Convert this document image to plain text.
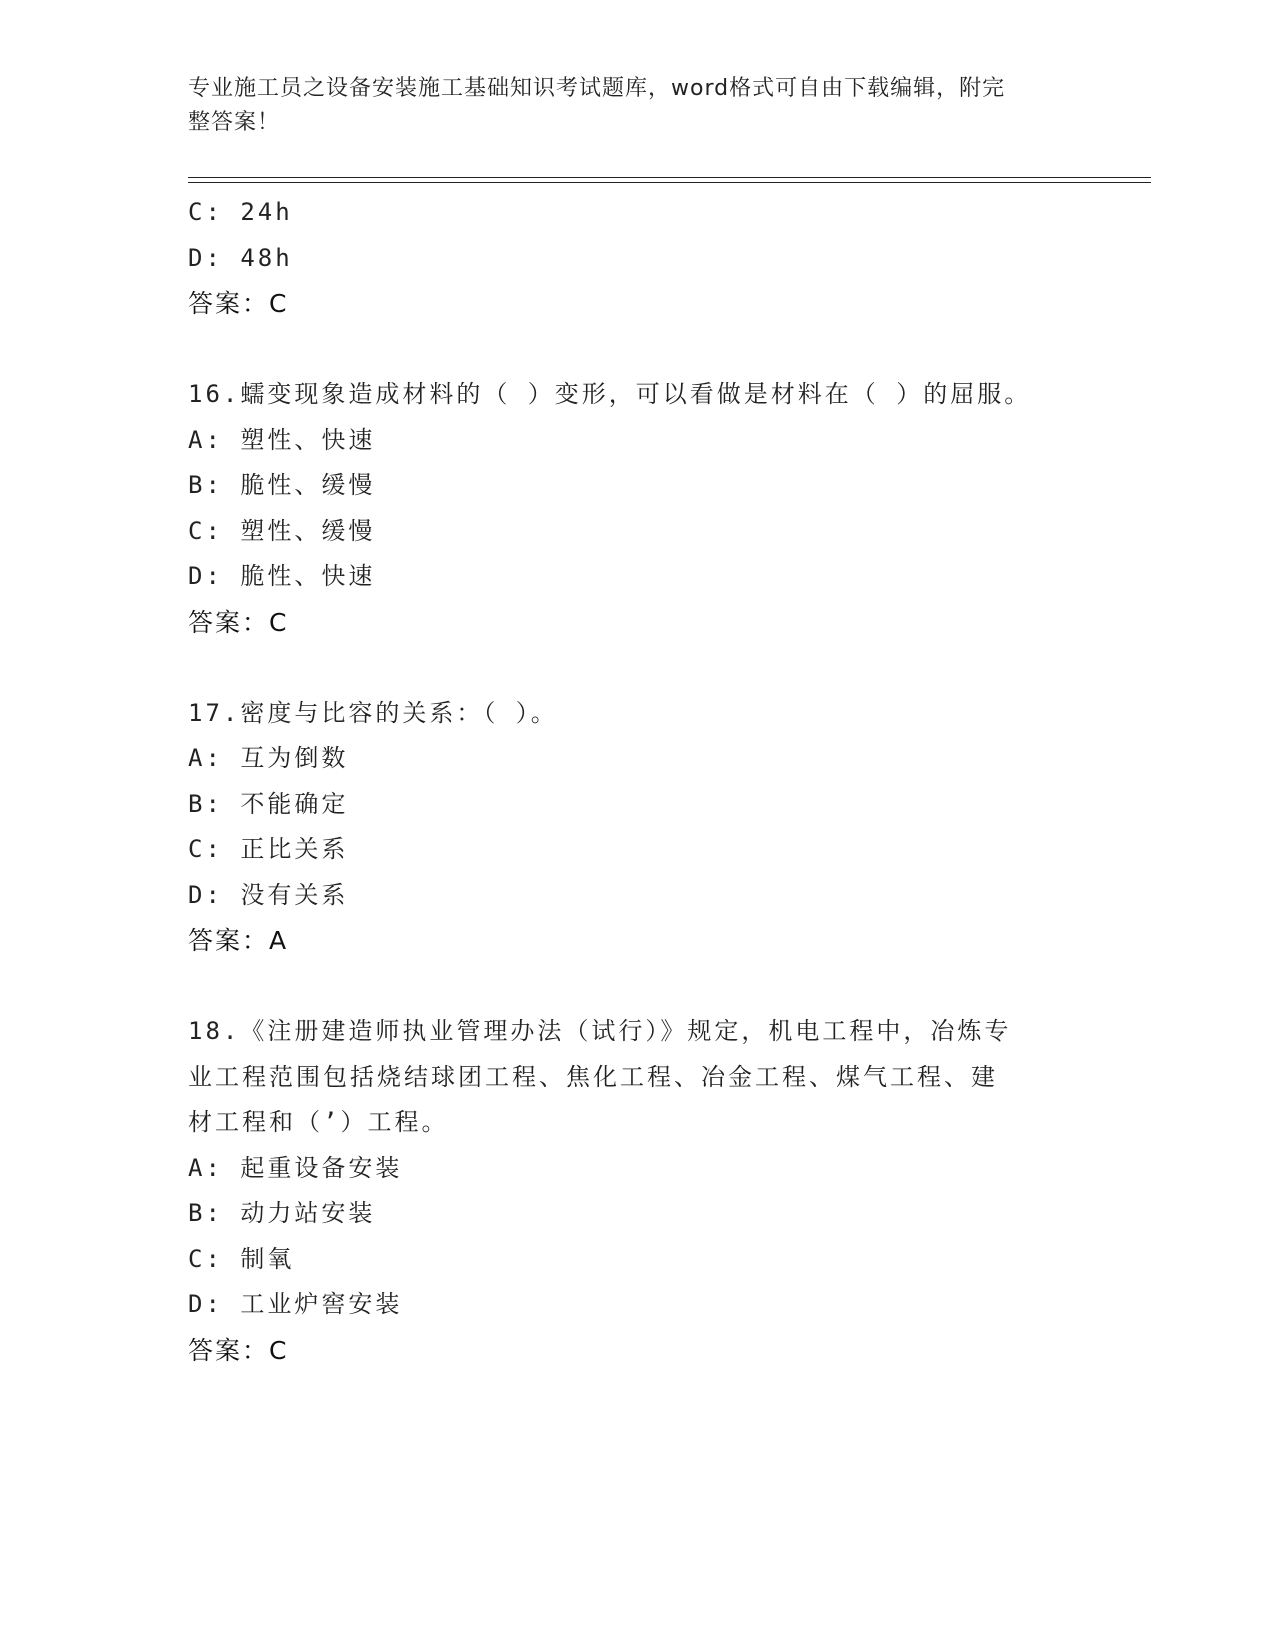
专业施工员之设备安装施工基础知识考试题库，word格式可自由下载编辑，附完
整答案！
C: 24h
D: 48h
答案：C
16.蠕变现象造成材料的（ ）变形，可以看做是材料在（ ）的屈服。
A: 塑性、快速
B: 脆性、缓慢
C: 塑性、缓慢
D: 脆性、快速
答案：C
17.密度与比容的关系：（ ）。
A: 互为倒数
B: 不能确定
C: 正比关系
D: 没有关系
答案：A
18.《注册建造师执业管理办法（试行）》规定，机电工程中，冶炼专
业工程范围包括烧结球团工程、焦化工程、冶金工程、煤气工程、建
材工程和（’）工程。
A: 起重设备安装
B: 动力站安装
C: 制氧
D: 工业炉窖安装
答案：C
